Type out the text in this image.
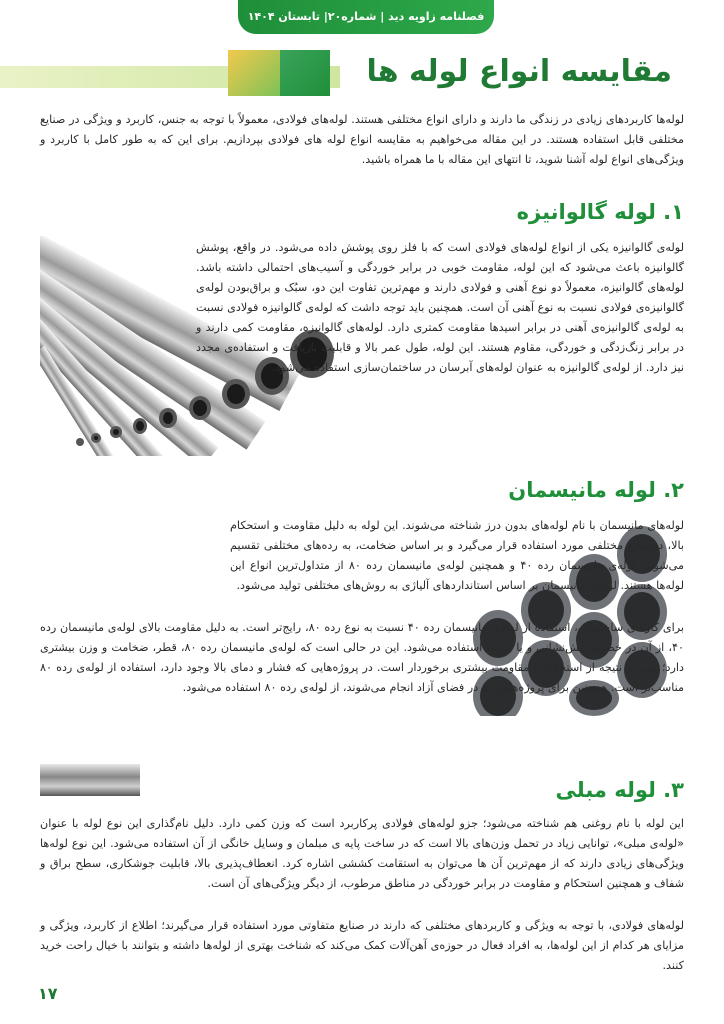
فصلنامه زاویه دید | شماره۲۰| تابستان ۱۴۰۴
مقایسه انواع لوله ها
لوله‌ها کاربردهای زیادی در زندگی ما دارند و دارای انواع مختلفی هستند. لوله‌های فولادی، معمولاً با توجه به جنس، کاربرد و ویژگی در صنایع مختلفی قابل استفاده هستند. در این مقاله می‌خواهیم به مقایسه انواع لوله های فولادی بپردازیم. برای این که به طور کامل با کاربرد و ویژگی‌های انواع لوله آشنا شوید، تا انتهای این مقاله با ما همراه باشید.
۱. لوله گالوانیزه
لوله‌ی گالوانیزه یکی از انواع لوله‌های فولادی است که با فلز روی پوشش داده می‌شود. در واقع، پوشش گالوانیزه باعث می‌شود که این لوله، مقاومت خوبی در برابر خوردگی و آسیب‌های احتمالی داشته باشد. لوله‌های گالوانیزه، معمولاً دو نوع آهنی و فولادی دارند و مهم‌ترین تفاوت این دو، سبُک و براق‌بودن لوله‌ی گالوانیزه‌ی فولادی نسبت به نوع آهنی آن است. همچنین باید توجه داشت که لوله‌ی گالوانیزه فولادی نسبت به لوله‌ی گالوانیزه‌ی آهنی در برابر اسیدها مقاومت کمتری دارد. لوله‌های گالوانیزه، مقاومت کمی دارند و در برابر زنگ‌زدگی و خوردگی، مقاوم هستند. این لوله، طول عمر بالا و قابلیت بازیافت و استفاده‌ی مجدد نیز دارد. از لوله‌ی گالوانیزه به عنوان لوله‌های آبرسان در ساختمان‌سازی استفاده می‌شود.
۲. لوله مانیسمان
لوله‌های مانیسمان با نام لوله‌های بدون درز شناخته می‌شوند. این لوله به دلیل مقاومت و استحکام بالا، درصنایع مختلفی مورد استفاده قرار می‌گیرد و بر اساس ضخامت، به رده‌های مختلفی تقسیم می‌شوند. لوله‌ی مانیسمان رده ۴۰ و همچنین لوله‌ی مانیسمان رده ۸۰ از متداول‌ترین انواع این لوله‌ها هستند. لوله‌ی مانیسمان بر اساس استانداردهای آلیاژی به روش‌های مختلفی تولید می‌شود.
برای کارهای ساختمانی، استفاده از لوله‌ی مانیسمان رده ۴۰ نسبت به نوع رده ۸۰، رایج‌تر است. به دلیل مقاومت بالای لوله‌ی مانیسمان رده ۴۰، از آن در خطوط آتش‌نشانی و یا برج‌ها استفاده می‌شود. این در حالی است که لوله‌ی مانیسمان رده ۸۰، قطر، ضخامت و وزن بیشتری دارد؛ پس در نتیجه از استحکام و مقاومت بیشتری برخوردار است. در پروژه‌هایی که فشار و دمای بالا وجود دارد، استفاده از لوله‌ی رده ۸۰ مناسب‌تر است. همچنین برای پروژه‌هایی که در فضای آزاد انجام می‌شوند، از لوله‌ی رده ۸۰ استفاده می‌شود.
۳. لوله مبلی
این لوله با نام روغنی هم شناخته می‌شود؛ جزو لوله‌های فولادی پرکاربرد است که وزن کمی دارد. دلیل نام‌گذاری این نوع لوله با عنوان «لوله‌ی مبلی»، توانایی زیاد در تحمل وزن‌های بالا است که در ساخت پایه ی مبلمان و وسایل خانگی از آن استفاده می‌شود. این نوع لوله‌ها ویژگی‌های زیادی دارند که از مهم‌ترین آن ها می‌توان به استقامت کششی اشاره کرد. انعطاف‌پذیری بالا، قابلیت جوشکاری، سطح براق و شفاف و همچنین استحکام و مقاومت در برابر خوردگی در مناطق مرطوب، از دیگر ویژگی‌های آن است.
لوله‌های فولادی، با توجه به ویژگی و کاربردهای مختلفی که دارند در صنایع متفاوتی مورد استفاده قرار می‌گیرند؛ اطلاع از کاربرد، ویژگی و مزایای هر کدام از این لوله‌ها، به افراد فعال در حوزه‌ی آهن‌آلات کمک می‌کند که شناخت بهتری از لوله‌ها داشته و بتوانند با خیال راحت خرید کنند.
۱۷
